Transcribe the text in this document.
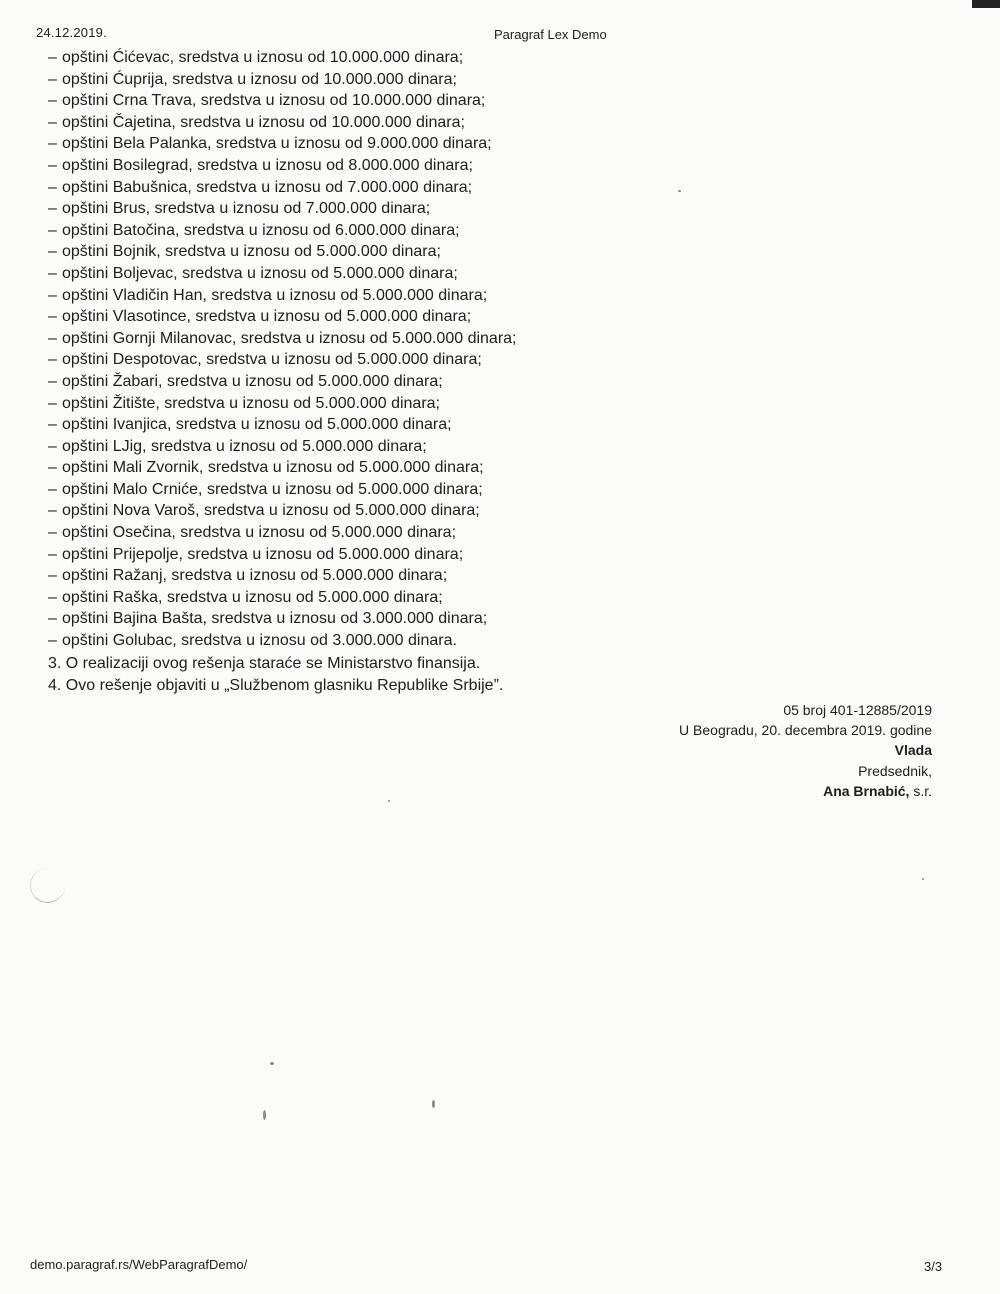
24.12.2019.	Paragraf Lex Demo
– opštini Ćićevac, sredstva u iznosu od 10.000.000 dinara;
– opštini Ćuprija, sredstva u iznosu od 10.000.000 dinara;
– opštini Crna Trava, sredstva u iznosu od 10.000.000 dinara;
– opštini Čajetina, sredstva u iznosu od 10.000.000 dinara;
– opštini Bela Palanka, sredstva u iznosu od 9.000.000 dinara;
– opštini Bosilegrad, sredstva u iznosu od 8.000.000 dinara;
– opštini Babušnica, sredstva u iznosu od 7.000.000 dinara;
– opštini Brus, sredstva u iznosu od 7.000.000 dinara;
– opštini Batočina, sredstva u iznosu od 6.000.000 dinara;
– opštini Bojnik, sredstva u iznosu od 5.000.000 dinara;
– opštini Boljevac, sredstva u iznosu od 5.000.000 dinara;
– opštini Vladičin Han, sredstva u iznosu od 5.000.000 dinara;
– opštini Vlasotince, sredstva u iznosu od 5.000.000 dinara;
– opštini Gornji Milanovac, sredstva u iznosu od 5.000.000 dinara;
– opštini Despotovac, sredstva u iznosu od 5.000.000 dinara;
– opštini Žabari, sredstva u iznosu od 5.000.000 dinara;
– opštini Žitište, sredstva u iznosu od 5.000.000 dinara;
– opštini Ivanjica, sredstva u iznosu od 5.000.000 dinara;
– opštini LJig, sredstva u iznosu od 5.000.000 dinara;
– opštini Mali Zvornik, sredstva u iznosu od 5.000.000 dinara;
– opštini Malo Crniće, sredstva u iznosu od 5.000.000 dinara;
– opštini Nova Varoš, sredstva u iznosu od 5.000.000 dinara;
– opštini Osečina, sredstva u iznosu od 5.000.000 dinara;
– opštini Prijepolje, sredstva u iznosu od 5.000.000 dinara;
– opštini Ražanj, sredstva u iznosu od 5.000.000 dinara;
– opštini Raška, sredstva u iznosu od 5.000.000 dinara;
– opštini Bajina Bašta, sredstva u iznosu od 3.000.000 dinara;
– opštini Golubac, sredstva u iznosu od 3.000.000 dinara.
3. O realizaciji ovog rešenja staraće se Ministarstvo finansija.
4. Ovo rešenje objaviti u „Službenom glasniku Republike Srbije”.
05 broj 401-12885/2019
U Beogradu, 20. decembra 2019. godine
Vlada
Predsednik,
Ana Brnabić, s.r.
demo.paragraf.rs/WebParagrafDemo/	3/3
